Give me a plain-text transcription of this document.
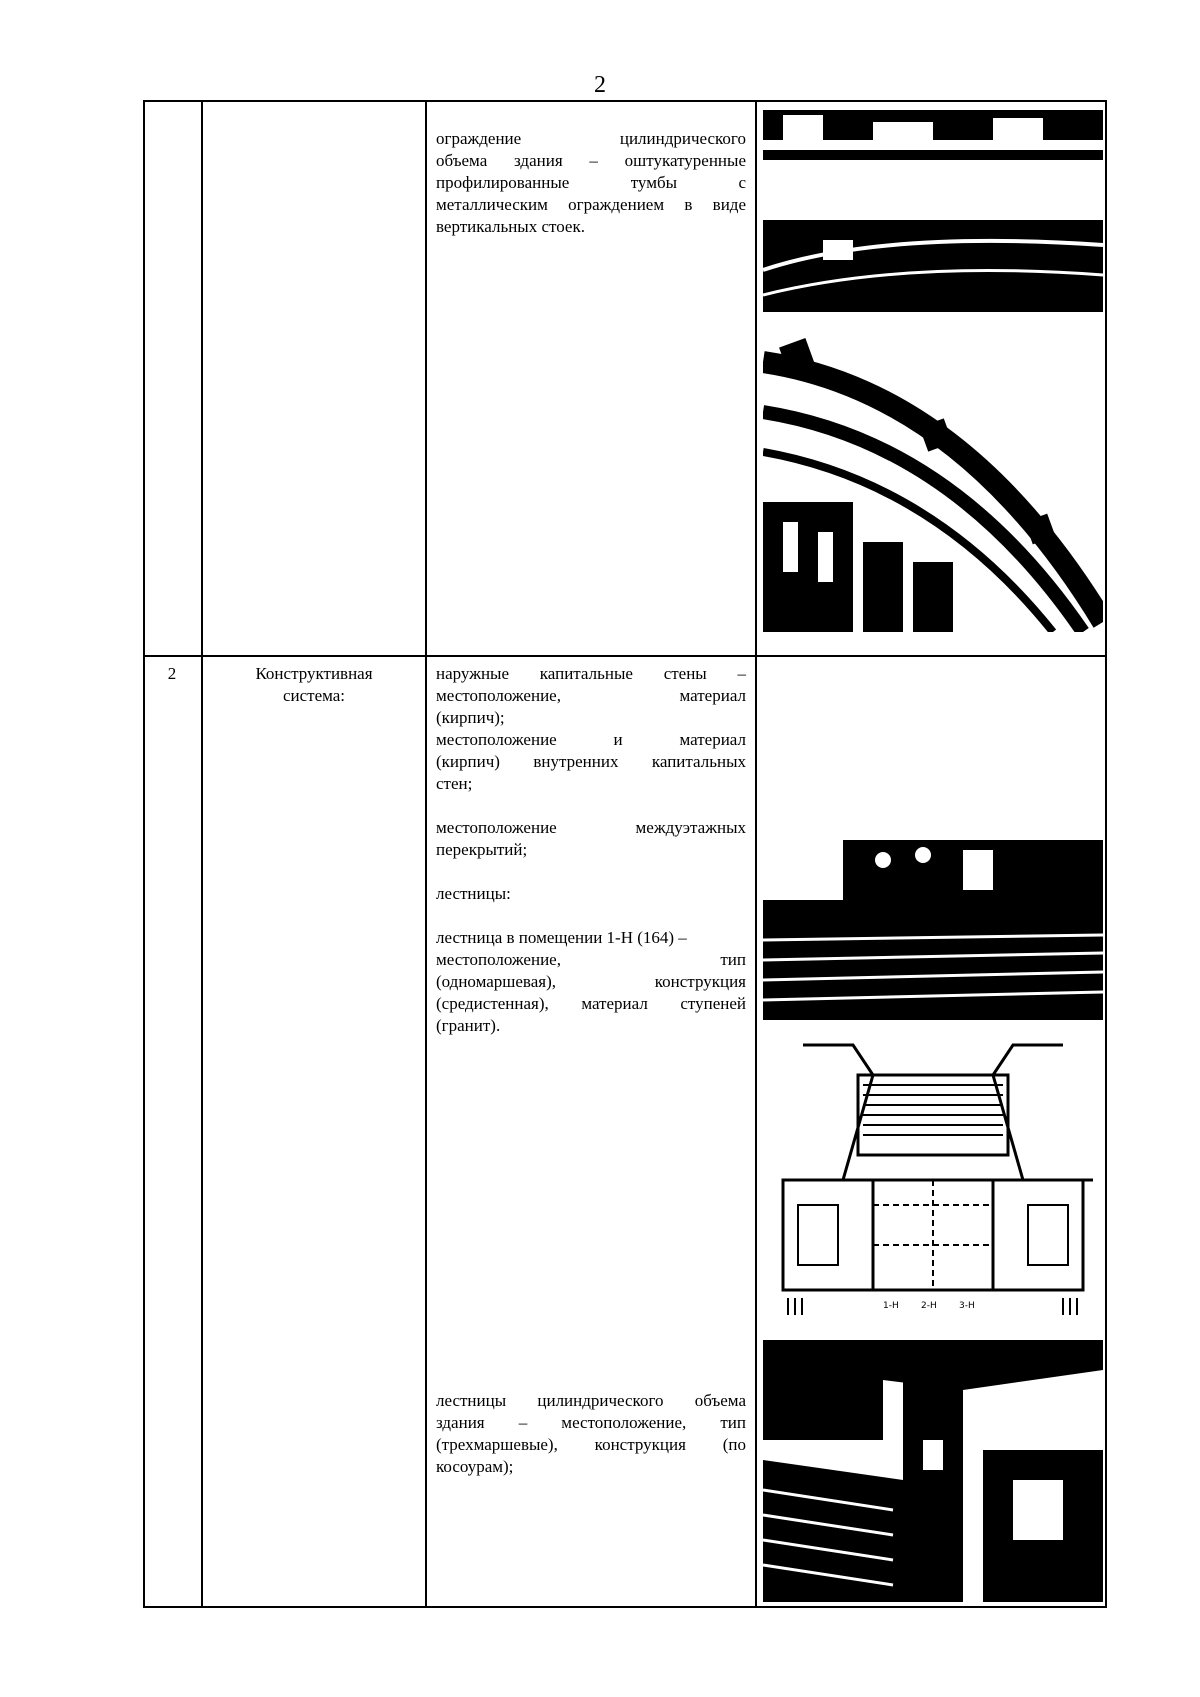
2
ограждение цилиндрического
объема здания – оштукатуренные
профилированные тумбы с
металлическим ограждением в виде
вертикальных стоек.
2	Конструктивная
система:
наружные капитальные стены –
местоположение, материал
(кирпич);
местоположение и материал
(кирпич) внутренних капитальных
стен;
местоположение междуэтажных
перекрытий;
лестницы:
лестница в помещении 1-Н (164) –
местоположение, тип
(одномаршевая), конструкция
(средистенная), материал ступеней
(гранит).
лестницы цилиндрического объема
здания – местоположение, тип
(трехмаршевые), конструкция (по
косоурам);
1-Н 2-Н 3-Н
